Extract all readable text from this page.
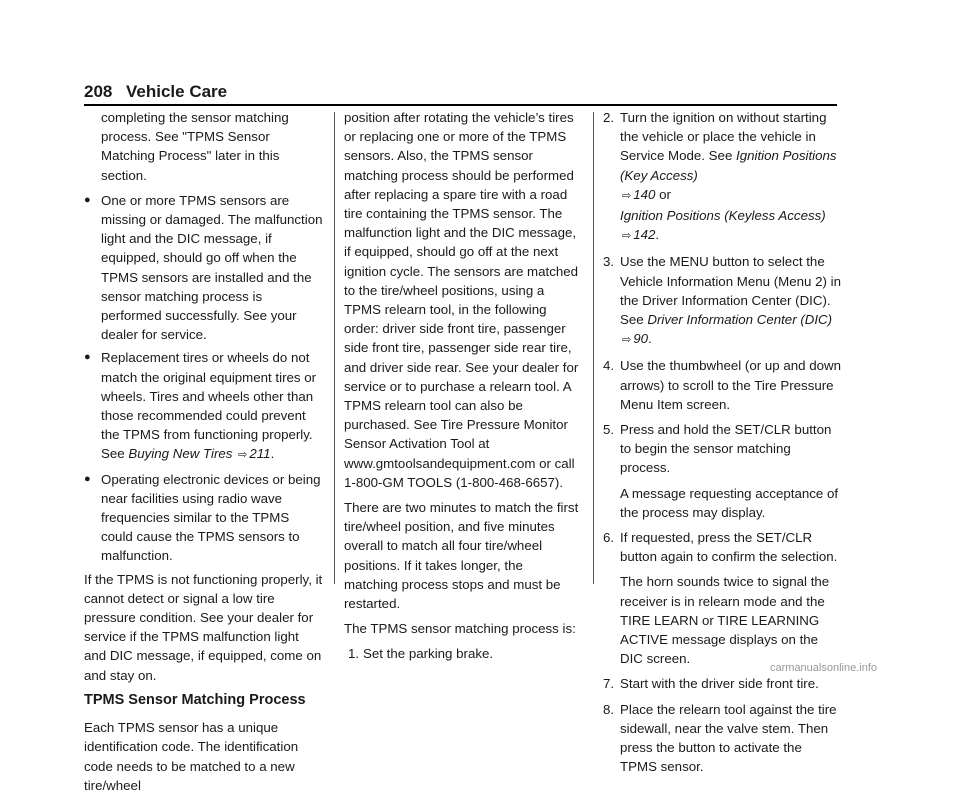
208 Vehicle Care

completing the sensor matching process. See "TPMS Sensor Matching Process" later in this section.

● One or more TPMS sensors are missing or damaged. The malfunction light and the DIC message, if equipped, should go off when the TPMS sensors are installed and the sensor matching process is performed successfully. See your dealer for service.
● Replacement tires or wheels do not match the original equipment tires or wheels. Tires and wheels other than those recommended could prevent the TPMS from functioning properly. See Buying New Tires ⇨ 211.
● Operating electronic devices or being near facilities using radio wave frequencies similar to the TPMS could cause the TPMS sensors to malfunction.

If the TPMS is not functioning properly, it cannot detect or signal a low tire pressure condition. See your dealer for service if the TPMS malfunction light and DIC message, if equipped, come on and stay on.

TPMS Sensor Matching Process

Each TPMS sensor has a unique identification code. The identification code needs to be matched to a new tire/wheel

position after rotating the vehicle’s tires or replacing one or more of the TPMS sensors. Also, the TPMS sensor matching process should be performed after replacing a spare tire with a road tire containing the TPMS sensor. The malfunction light and the DIC message, if equipped, should go off at the next ignition cycle. The sensors are matched to the tire/wheel positions, using a TPMS relearn tool, in the following order: driver side front tire, passenger side front tire, passenger side rear tire, and driver side rear. See your dealer for service or to purchase a relearn tool. A TPMS relearn tool can also be purchased. See Tire Pressure Monitor Sensor Activation Tool at www.gmtoolsandequipment.com or call 1-800-GM TOOLS (1-800-468-6657).

There are two minutes to match the first tire/wheel position, and five minutes overall to match all four tire/wheel positions. If it takes longer, the matching process stops and must be restarted.

The TPMS sensor matching process is:

1. Set the parking brake.
2. Turn the ignition on without starting the vehicle or place the vehicle in Service Mode. See Ignition Positions (Key Access)
⇨ 140 or
Ignition Positions (Keyless Access) ⇨ 142.
3. Use the MENU button to select the Vehicle Information Menu (Menu 2) in the Driver Information Center (DIC). See Driver Information Center (DIC) ⇨ 90.
4. Use the thumbwheel (or up and down arrows) to scroll to the Tire Pressure Menu Item screen.
5. Press and hold the SET/CLR button to begin the sensor matching process.
A message requesting acceptance of the process may display.
6. If requested, press the SET/CLR button again to confirm the selection.
The horn sounds twice to signal the receiver is in relearn mode and the TIRE LEARN or TIRE LEARNING ACTIVE message displays on the DIC screen.
7. Start with the driver side front tire.
8. Place the relearn tool against the tire sidewall, near the valve stem. Then press the button to activate the TPMS sensor.
carmanualsonline.info
